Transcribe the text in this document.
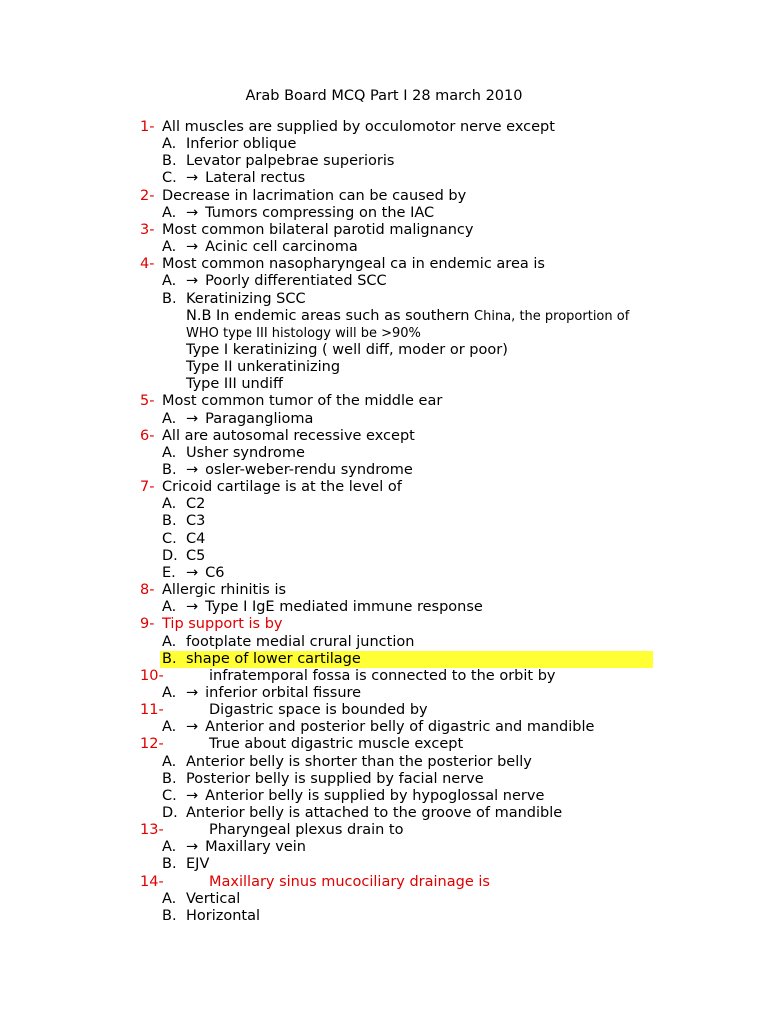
Arab Board MCQ Part I 28 march 2010
1- All muscles are supplied by occulomotor nerve except
A. Inferior oblique
B. Levator palpebrae superioris
C. → Lateral rectus
2- Decrease in lacrimation can be caused by
A. → Tumors compressing on the IAC
3- Most common bilateral parotid malignancy
A. → Acinic cell carcinoma
4- Most common nasopharyngeal ca in endemic area is
A. → Poorly differentiated SCC
B. Keratinizing SCC
N.B In endemic areas such as southern China, the proportion of
WHO type III histology will be >90%
Type I keratinizing ( well diff, moder or poor)
Type II unkeratinizing
Type III undiff
5- Most common tumor of the middle ear
A. → Paraganglioma
6- All are autosomal recessive except
A. Usher syndrome
B. → osler-weber-rendu syndrome
7- Cricoid cartilage is at the level of
A. C2
B. C3
C. C4
D. C5
E. → C6
8- Allergic rhinitis is
A. → Type I IgE mediated immune response
9- Tip support is by
A. footplate medial crural junction
B. shape of lower cartilage
10-	infratemporal fossa is connected to the orbit by
A. → inferior orbital fissure
11-	Digastric space is bounded by
A. → Anterior and posterior belly of digastric and mandible
12-	True about digastric muscle except
A. Anterior belly is shorter than the posterior belly
B. Posterior belly is supplied by facial nerve
C. → Anterior belly is supplied by hypoglossal nerve
D. Anterior belly is attached to the groove of mandible
13-	Pharyngeal plexus drain to
A. → Maxillary vein
B. EJV
14-	Maxillary sinus mucociliary drainage is
A. Vertical
B. Horizontal
